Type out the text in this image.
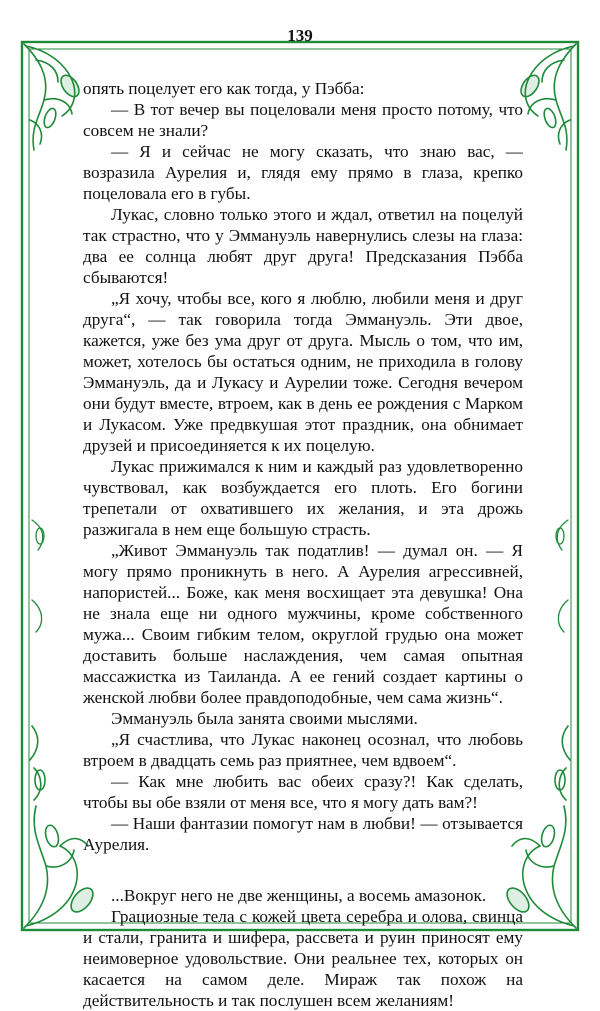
139

опять поцелует его как тогда, у Пэбба:

— В тот вечер вы поцеловали меня просто потому, что совсем не знали?

— Я и сейчас не могу сказать, что знаю вас, — возразила Аурелия и, глядя ему прямо в глаза, крепко поцеловала его в губы.

Лукас, словно только этого и ждал, ответил на поцелуй так страстно, что у Эммануэль навернулись слезы на глаза: два ее солнца любят друг друга! Предсказания Пэбба сбываются!

„Я хочу, чтобы все, кого я люблю, любили меня и друг друга“, — так говорила тогда Эммануэль. Эти двое, кажется, уже без ума друг от друга. Мысль о том, что им, может, хотелось бы остаться одним, не приходила в голову Эммануэль, да и Лукасу и Аурелии тоже. Сегодня вечером они будут вместе, втроем, как в день ее рождения с Марком и Лукасом. Уже предвкушая этот праздник, она обнимает друзей и присоединяется к их поцелую.

Лукас прижимался к ним и каждый раз удовлетворенно чувствовал, как возбуждается его плоть. Его богини трепетали от охватившего их желания, и эта дрожь разжигала в нем еще большую страсть.

„Живот Эммануэль так податлив! — думал он. — Я могу прямо проникнуть в него. А Аурелия агрессивней, напористей... Боже, как меня восхищает эта девушка! Она не знала еще ни одного мужчины, кроме собственного мужа... Своим гибким телом, округлой грудью она может доставить больше наслаждения, чем самая опытная массажистка из Таиланда. А ее гений создает картины о женской любви более правдоподобные, чем сама жизнь“.

Эммануэль была занята своими мыслями.

„Я счастлива, что Лукас наконец осознал, что любовь втроем в двадцать семь раз приятнее, чем вдвоем“.

— Как мне любить вас обеих сразу?! Как сделать, чтобы вы обе взяли от меня все, что я могу дать вам?!

— Наши фантазии помогут нам в любви! — отзывается Аурелия.

...Вокруг него не две женщины, а восемь амазонок.

Грациозные тела с кожей цвета серебра и олова, свинца и стали, гранита и шифера, рассвета и руин приносят ему неимоверное удовольствие. Они реальнее тех, которых он касается на самом деле. Мираж так похож на действительность и так послушен всем желаниям!
